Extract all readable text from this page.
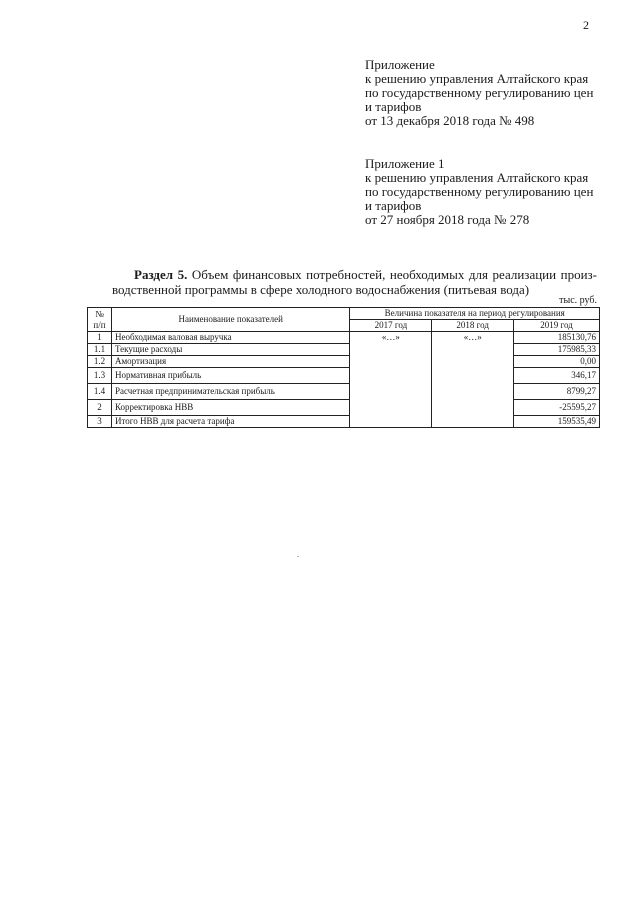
2
Приложение
к решению управления Алтайского края
по государственному регулированию цен
и тарифов
от 13 декабря 2018 года № 498
Приложение 1
к решению управления Алтайского края
по государственному регулированию цен
и тарифов
от 27 ноября 2018 года № 278
Раздел 5. Объем финансовых потребностей, необходимых для реализации произ-
водственной программы в сфере холодного водоснабжения (питьевая вода)
тыс. руб.
№ п/п	Наименование показателей	Величина показателя на период регулирования		
		2017 год	2018 год	2019 год
1	Необходимая валовая выручка	«…»	«…»	185130,76
1.1	Текущие расходы			175985,33
1.2	Амортизация			0,00
1.3	Нормативная прибыль			346,17
1.4	Расчетная предпринимательская прибыль			8799,27
2	Корректировка НВВ			-25595,27
3	Итого НВВ для расчета тарифа			159535,49
